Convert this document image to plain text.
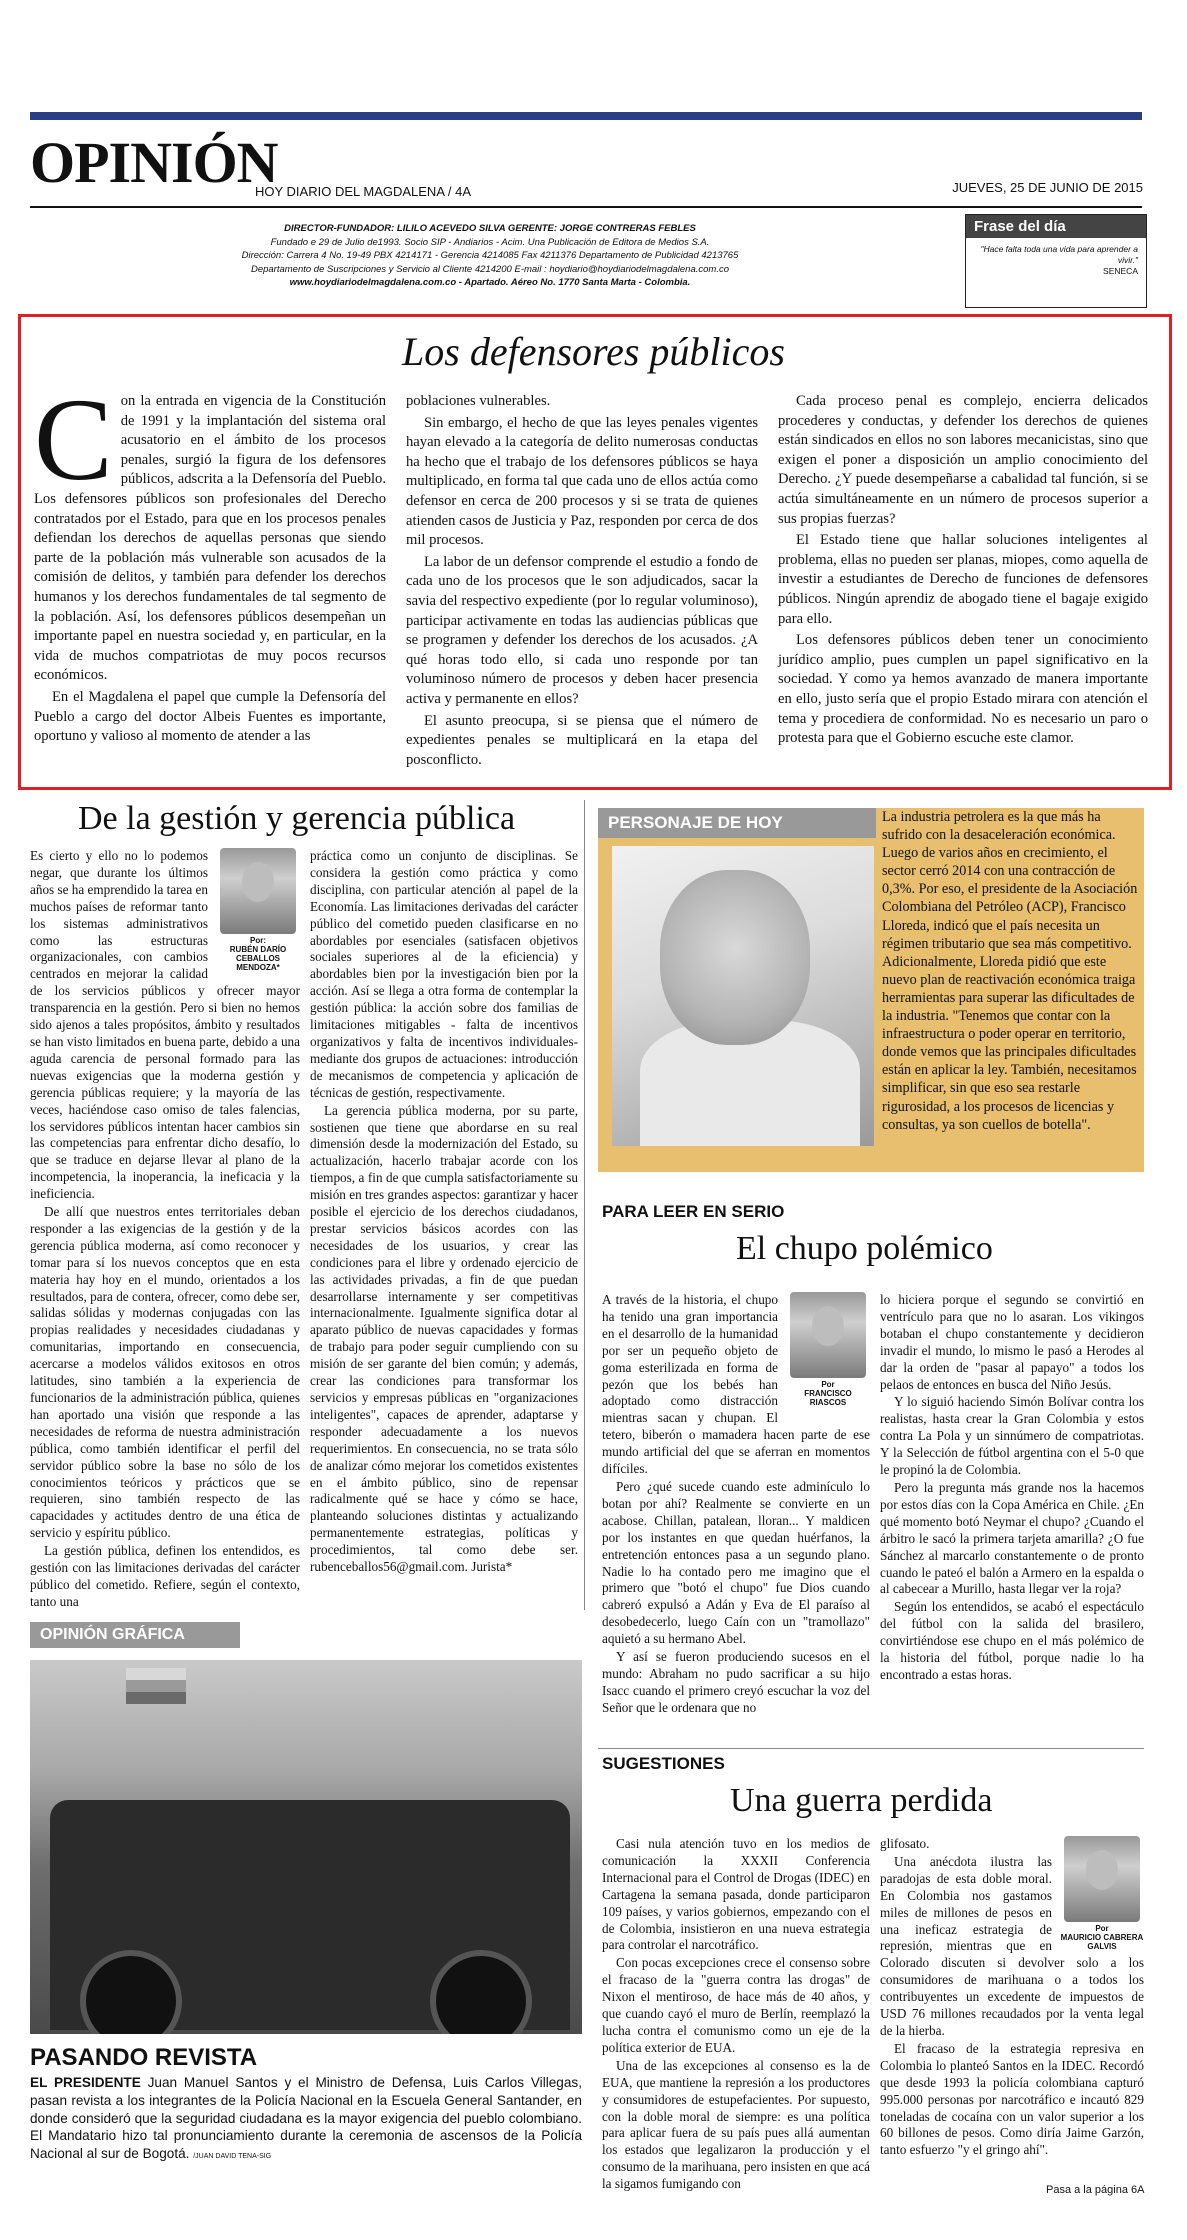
OPINIÓN
HOY DIARIO DEL MAGDALENA / 4A	JUEVES, 25 DE JUNIO DE 2015
DIRECTOR-FUNDADOR: LILILO ACEVEDO SILVA GERENTE: JORGE CONTRERAS FEBLES
Fundado e 29 de Julio de1993. Socio SIP - Andiarios - Acim. Una Publicación de Editora de Medios S.A.
Dirección: Carrera 4 No. 19-49 PBX 4214171 - Gerencia 4214085 Fax 4211376 Departamento de Publicidad 4213765
Departamento de Suscripciones y Servicio al Cliente 4214200 E-mail : hoydiario@hoydiariodelmagdalena.com.co
www.hoydiariodelmagdalena.com.co - Apartado. Aéreo No. 1770 Santa Marta - Colombia.
Frase del día
"Hace falta toda una vida para aprender a vivir."
SENECA
Los defensores públicos
C on la entrada en vigencia de la Constitución de 1991 y la implantación del sistema oral acusatorio en el ámbito de los procesos penales, surgió la figura de los defensores públicos, adscrita a la Defensoría del Pueblo. Los defensores públicos son profesionales del Derecho contratados por el Estado, para que en los procesos penales defiendan los derechos de aquellas personas que siendo parte de la población más vulnerable son acusados de la comisión de delitos, y también para defender los derechos humanos y los derechos fundamentales de tal segmento de la población. Así, los defensores públicos desempeñan un importante papel en nuestra sociedad y, en particular, en la vida de muchos compatriotas de muy pocos recursos económicos.

En el Magdalena el papel que cumple la Defensoría del Pueblo a cargo del doctor Albeis Fuentes es importante, oportuno y valioso al momento de atender a las

poblaciones vulnerables.

Sin embargo, el hecho de que las leyes penales vigentes hayan elevado a la categoría de delito numerosas conductas ha hecho que el trabajo de los defensores públicos se haya multiplicado, en forma tal que cada uno de ellos actúa como defensor en cerca de 200 procesos y si se trata de quienes atienden casos de Justicia y Paz, responden por cerca de dos mil procesos.

La labor de un defensor comprende el estudio a fondo de cada uno de los procesos que le son adjudicados, sacar la savia del respectivo expediente (por lo regular voluminoso), participar activamente en todas las audiencias públicas que se programen y defender los derechos de los acusados. ¿A qué horas todo ello, si cada uno responde por tan voluminoso número de procesos y deben hacer presencia activa y permanente en ellos?

El asunto preocupa, si se piensa que el número de expedientes penales se multiplicará en la etapa del posconflicto.

Cada proceso penal es complejo, encierra delicados procederes y conductas, y defender los derechos de quienes están sindicados en ellos no son labores mecanicistas, sino que exigen el poner a disposición un amplio conocimiento del Derecho. ¿Y puede desempeñarse a cabalidad tal función, si se actúa simultáneamente en un número de procesos superior a sus propias fuerzas?

El Estado tiene que hallar soluciones inteligentes al problema, ellas no pueden ser planas, miopes, como aquella de investir a estudiantes de Derecho de funciones de defensores públicos. Ningún aprendiz de abogado tiene el bagaje exigido para ello.

Los defensores públicos deben tener un conocimiento jurídico amplio, pues cumplen un papel significativo en la sociedad. Y como ya hemos avanzado de manera importante en ello, justo sería que el propio Estado mirara con atención el tema y procediera de conformidad. No es necesario un paro o protesta para que el Gobierno escuche este clamor.

De la gestión y gerencia pública
Por:
RUBÉN DARÍO CEBALLOS MENDOZA*

Es cierto y ello no lo podemos negar, que durante los últimos años se ha emprendido la tarea en muchos países de reformar tanto los sistemas administrativos como las estructuras organizacionales, con cambios centrados en mejorar la calidad de los servicios públicos y ofrecer mayor transparencia en la gestión. Pero si bien no hemos sido ajenos a tales propósitos, ámbito y resultados se han visto limitados en buena parte, debido a una aguda carencia de personal formado para las nuevas exigencias que la moderna gestión y gerencia públicas requiere; y la mayoría de las veces, haciéndose caso omiso de tales falencias, los servidores públicos intentan hacer cambios sin las competencias para enfrentar dicho desafío, lo que se traduce en dejarse llevar al plano de la incompetencia, la inoperancia, la ineficacia y la ineficiencia.

De allí que nuestros entes territoriales deban responder a las exigencias de la gestión y de la gerencia pública moderna, así como reconocer y tomar para sí los nuevos conceptos que en esta materia hay hoy en el mundo, orientados a los resultados, para de contera, ofrecer, como debe ser, salidas sólidas y modernas conjugadas con las propias realidades y necesidades ciudadanas y comunitarias, importando en consecuencia, acercarse a modelos válidos exitosos en otros latitudes, sino también a la experiencia de funcionarios de la administración pública, quienes han aportado una visión que responde a las necesidades de reforma de nuestra administración pública, como también identificar el perfil del servidor público sobre la base no sólo de los conocimientos teóricos y prácticos que se requieren, sino también respecto de las capacidades y actitudes dentro de una ética de servicio y espíritu público.

La gestión pública, definen los entendidos, es gestión con las limitaciones derivadas del carácter público del cometido. Refiere, según el contexto, tanto una

práctica como un conjunto de disciplinas. Se considera la gestión como práctica y como disciplina, con particular atención al papel de la Economía. Las limitaciones derivadas del carácter público del cometido pueden clasificarse en no abordables por esenciales (satisfacen objetivos sociales superiores al de la eficiencia) y abordables bien por la investigación bien por la acción. Así se llega a otra forma de contemplar la gestión pública: la acción sobre dos familias de limitaciones mitigables - falta de incentivos organizativos y falta de incentivos individuales- mediante dos grupos de actuaciones: introducción de mecanismos de competencia y aplicación de técnicas de gestión, respectivamente.

La gerencia pública moderna, por su parte, sostienen que tiene que abordarse en su real dimensión desde la modernización del Estado, su actualización, hacerlo trabajar acorde con los tiempos, a fin de que cumpla satisfactoriamente su misión en tres grandes aspectos: garantizar y hacer posible el ejercicio de los derechos ciudadanos, prestar servicios básicos acordes con las necesidades de los usuarios, y crear las condiciones para el libre y ordenado ejercicio de las actividades privadas, a fin de que puedan desarrollarse internamente y ser competitivas internacionalmente. Igualmente significa dotar al aparato público de nuevas capacidades y formas de trabajo para poder seguir cumpliendo con su misión de ser garante del bien común; y además, crear las condiciones para transformar los servicios y empresas públicas en "organizaciones inteligentes", capaces de aprender, adaptarse y responder adecuadamente a los nuevos requerimientos. En consecuencia, no se trata sólo de analizar cómo mejorar los cometidos existentes en el ámbito público, sino de repensar radicalmente qué se hace y cómo se hace, planteando soluciones distintas y actualizando permanentemente estrategias, políticas y procedimientos, tal como debe ser. rubenceballos56@gmail.com. Jurista*

PERSONAJE DE HOY	La industria petrolera es la que más ha sufrido con la desaceleración económica. Luego de varios años en crecimiento, el sector cerró 2014 con una contracción de 0,3%. Por eso, el presidente de la Asociación Colombiana del Petróleo (ACP), Francisco Lloreda, indicó que el país necesita un régimen tributario que sea más competitivo. Adicionalmente, Lloreda pidió que este nuevo plan de reactivación económica traiga herramientas para superar las dificultades de la industria. "Tenemos que contar con la infraestructura o poder operar en territorio, donde vemos que las principales dificultades están en aplicar la ley. También, necesitamos simplificar, sin que eso sea restarle rigurosidad, a los procesos de licencias y consultas, ya son cuellos de botella".
PARA LEER EN SERIO
El chupo polémico
Por
FRANCISCO RIASCOS

A través de la historia, el chupo ha tenido una gran importancia en el desarrollo de la humanidad por ser un pequeño objeto de goma esterilizada en forma de pezón que los bebés han adoptado como distracción mientras sacan y chupan. El tetero, biberón o mamadera hacen parte de ese mundo artificial del que se aferran en momentos difíciles.

Pero ¿qué sucede cuando este adminículo lo botan por ahí? Realmente se convierte en un acabose. Chillan, patalean, lloran... Y maldicen por los instantes en que quedan huérfanos, la entretención entonces pasa a un segundo plano. Nadie lo ha contado pero me imagino que el primero que "botó el chupo" fue Dios cuando cabreró expulsó a Adán y Eva de El paraíso al desobedecerlo, luego Caín con un "tramollazo" aquietó a su hermano Abel.

Y así se fueron produciendo sucesos en el mundo: Abraham no pudo sacrificar a su hijo Isacc cuando el primero creyó escuchar la voz del Señor que le ordenara que no

lo hiciera porque el segundo se convirtió en ventrículo para que no lo asaran. Los vikingos botaban el chupo constantemente y decidieron invadir el mundo, lo mismo le pasó a Herodes al dar la orden de "pasar al papayo" a todos los pelaos de entonces en busca del Niño Jesús.

Y lo siguió haciendo Simón Bolívar contra los realistas, hasta crear la Gran Colombia y estos contra La Pola y un sinnúmero de compatriotas. Y la Selección de fútbol argentina con el 5-0 que le propinó la de Colombia.

Pero la pregunta más grande nos la hacemos por estos días con la Copa América en Chile. ¿En qué momento botó Neymar el chupo? ¿Cuando el árbitro le sacó la primera tarjeta amarilla? ¿O fue Sánchez al marcarlo constantemente o de pronto cuando le pateó el balón a Armero en la espalda o al cabecear a Murillo, hasta llegar ver la roja?

Según los entendidos, se acabó el espectáculo del fútbol con la salida del brasilero, convirtiéndose ese chupo en el más polémico de la historia del fútbol, porque nadie lo ha encontrado a estas horas.

SUGESTIONES
Una guerra perdida

Casi nula atención tuvo en los medios de comunicación la XXXII Conferencia Internacional para el Control de Drogas (IDEC) en Cartagena la semana pasada, donde participaron 109 países, y varios gobiernos, empezando con el de Colombia, insistieron en una nueva estrategia para controlar el narcotráfico.

Con pocas excepciones crece el consenso sobre el fracaso de la "guerra contra las drogas" de Nixon el mentiroso, de hace más de 40 años, y que cuando cayó el muro de Berlín, reemplazó la lucha contra el comunismo como un eje de la política exterior de EUA.

Una de las excepciones al consenso es la de EUA, que mantiene la represión a los productores y consumidores de estupefacientes. Por supuesto, con la doble moral de siempre: es una política para aplicar fuera de su país pues allá aumentan los estados que legalizaron la producción y el consumo de la marihuana, pero insisten en que acá la sigamos fumigando con

Por
MAURICIO CABRERA GALVIS

glifosato.

Una anécdota ilustra las paradojas de esta doble moral. En Colombia nos gastamos miles de millones de pesos en una ineficaz estrategia de represión, mientras que en Colorado discuten si devolver solo a los consumidores de marihuana o a todos los contribuyentes un excedente de impuestos de USD 76 millones recaudados por la venta legal de la hierba.

El fracaso de la estrategia represiva en Colombia lo planteó Santos en la IDEC. Recordó que desde 1993 la policía colombiana capturó 995.000 personas por narcotráfico e incautó 829 toneladas de cocaína con un valor superior a los 60 billones de pesos. Como diría Jaime Garzón, tanto esfuerzo "y el gringo ahí".

Pasa a la página 6A
OPINIÓN GRÁFICA
PASANDO REVISTA
EL PRESIDENTE Juan Manuel Santos y el Ministro de Defensa, Luis Carlos Villegas, pasan revista a los integrantes de la Policía Nacional en la Escuela General Santander, en donde consideró que la seguridad ciudadana es la mayor exigencia del pueblo colombiano. El Mandatario hizo tal pronunciamiento durante la ceremonia de ascensos de la Policía Nacional al sur de Bogotá. /JUAN DAVID TENA-SIG
